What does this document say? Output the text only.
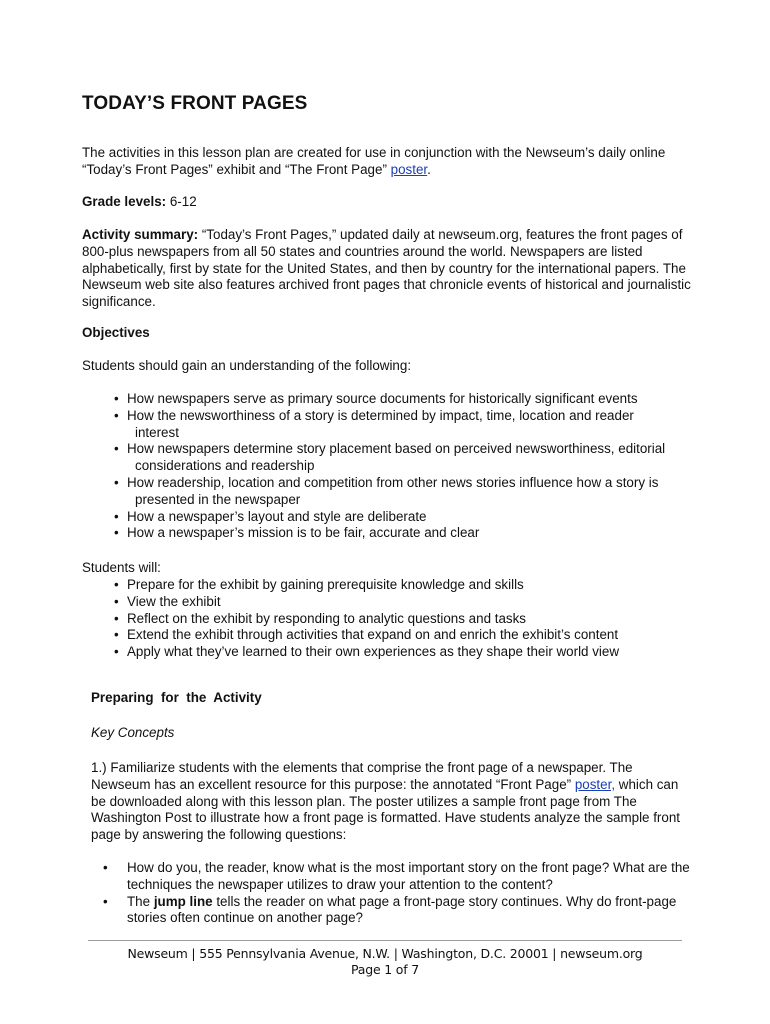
TODAY’S FRONT PAGES
The activities in this lesson plan are created for use in conjunction with the Newseum’s daily online “Today’s Front Pages” exhibit and “The Front Page” poster.
Grade levels: 6-12
Activity summary: “Today’s Front Pages,” updated daily at newseum.org, features the front pages of 800-plus newspapers from all 50 states and countries around the world. Newspapers are listed alphabetically, first by state for the United States, and then by country for the international papers. The Newseum web site also features archived front pages that chronicle events of historical and journalistic significance.
Objectives
Students should gain an understanding of the following:
• How newspapers serve as primary source documents for historically significant events
• How the newsworthiness of a story is determined by impact, time, location and reader
interest
• How newspapers determine story placement based on perceived newsworthiness, editorial
considerations and readership
• How readership, location and competition from other news stories influence how a story is
presented in the newspaper
• How a newspaper’s layout and style are deliberate
• How a newspaper’s mission is to be fair, accurate and clear
Students will:
• Prepare for the exhibit by gaining prerequisite knowledge and skills
• View the exhibit
• Reflect on the exhibit by responding to analytic questions and tasks
• Extend the exhibit through activities that expand on and enrich the exhibit’s content
• Apply what they’ve learned to their own experiences as they shape their world view
Preparing  for  the  Activity
Key Concepts
1.) Familiarize students with the elements that comprise the front page of a newspaper. The Newseum has an excellent resource for this purpose: the annotated “Front Page” poster, which can be downloaded along with this lesson plan. The poster utilizes a sample front page from The Washington Post to illustrate how a front page is formatted. Have students analyze the sample front page by answering the following questions:
• How do you, the reader, know what is the most important story on the front page? What are the techniques the newspaper utilizes to draw your attention to the content?
• The jump line tells the reader on what page a front-page story continues. Why do front-page stories often continue on another page?
Newseum | 555 Pennsylvania Avenue, N.W. | Washington, D.C. 20001 | newseum.org
Page 1 of 7
